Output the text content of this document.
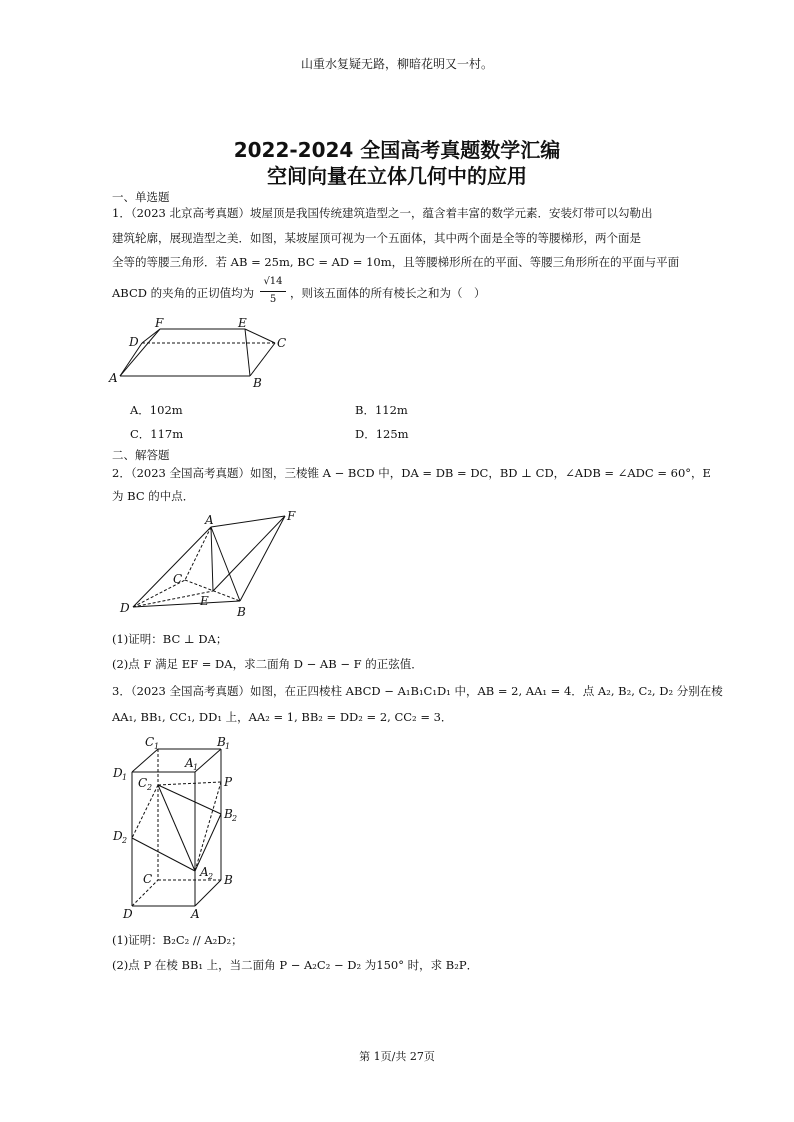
山重水复疑无路，柳暗花明又一村。
2022-2024 全国高考真题数学汇编
空间向量在立体几何中的应用
一、单选题
1．（2023 北京高考真题）坡屋顶是我国传统建筑造型之一，蕴含着丰富的数学元素．安装灯带可以勾勒出
建筑轮廓，展现造型之美．如图，某坡屋顶可视为一个五面体，其中两个面是全等的等腰梯形，两个面是
全等的等腰三角形．若 AB = 25m, BC = AD = 10m，且等腰梯形所在的平面、等腰三角形所在的平面与平面
ABCD 的夹角的正切值均为
√14
5	，则该五面体的所有棱长之和为（　）
A	B
C
D
E
F
A．102m	B．112m
C．117m	D．125m
二、解答题
2．（2023 全国高考真题）如图，三棱锥 A − BCD 中，DA = DB = DC，BD ⊥ CD，∠ADB = ∠ADC = 60°，E
为 BC 的中点．
A
B
C
D	E
F
(1)证明：BC ⊥ DA；
(2)点 F 满足 EF = DA，求二面角 D − AB − F 的正弦值．
3．（2023 全国高考真题）如图，在正四棱柱 ABCD − A₁B₁C₁D₁ 中，AB = 2, AA₁ = 4．点 A₂, B₂, C₂, D₂ 分别在棱
AA₁, BB₁, CC₁, DD₁ 上，AA₂ = 1, BB₂ = DD₂ = 2, CC₂ = 3．
C 1	B 1
D 1
A 1
C 2	P
B 2
D 2
C	A 2 B
D	A
(1)证明：B₂C₂ // A₂D₂；
(2)点 P 在棱 BB₁ 上，当二面角 P − A₂C₂ − D₂ 为150° 时，求 B₂P．
第 1页/共 27页
